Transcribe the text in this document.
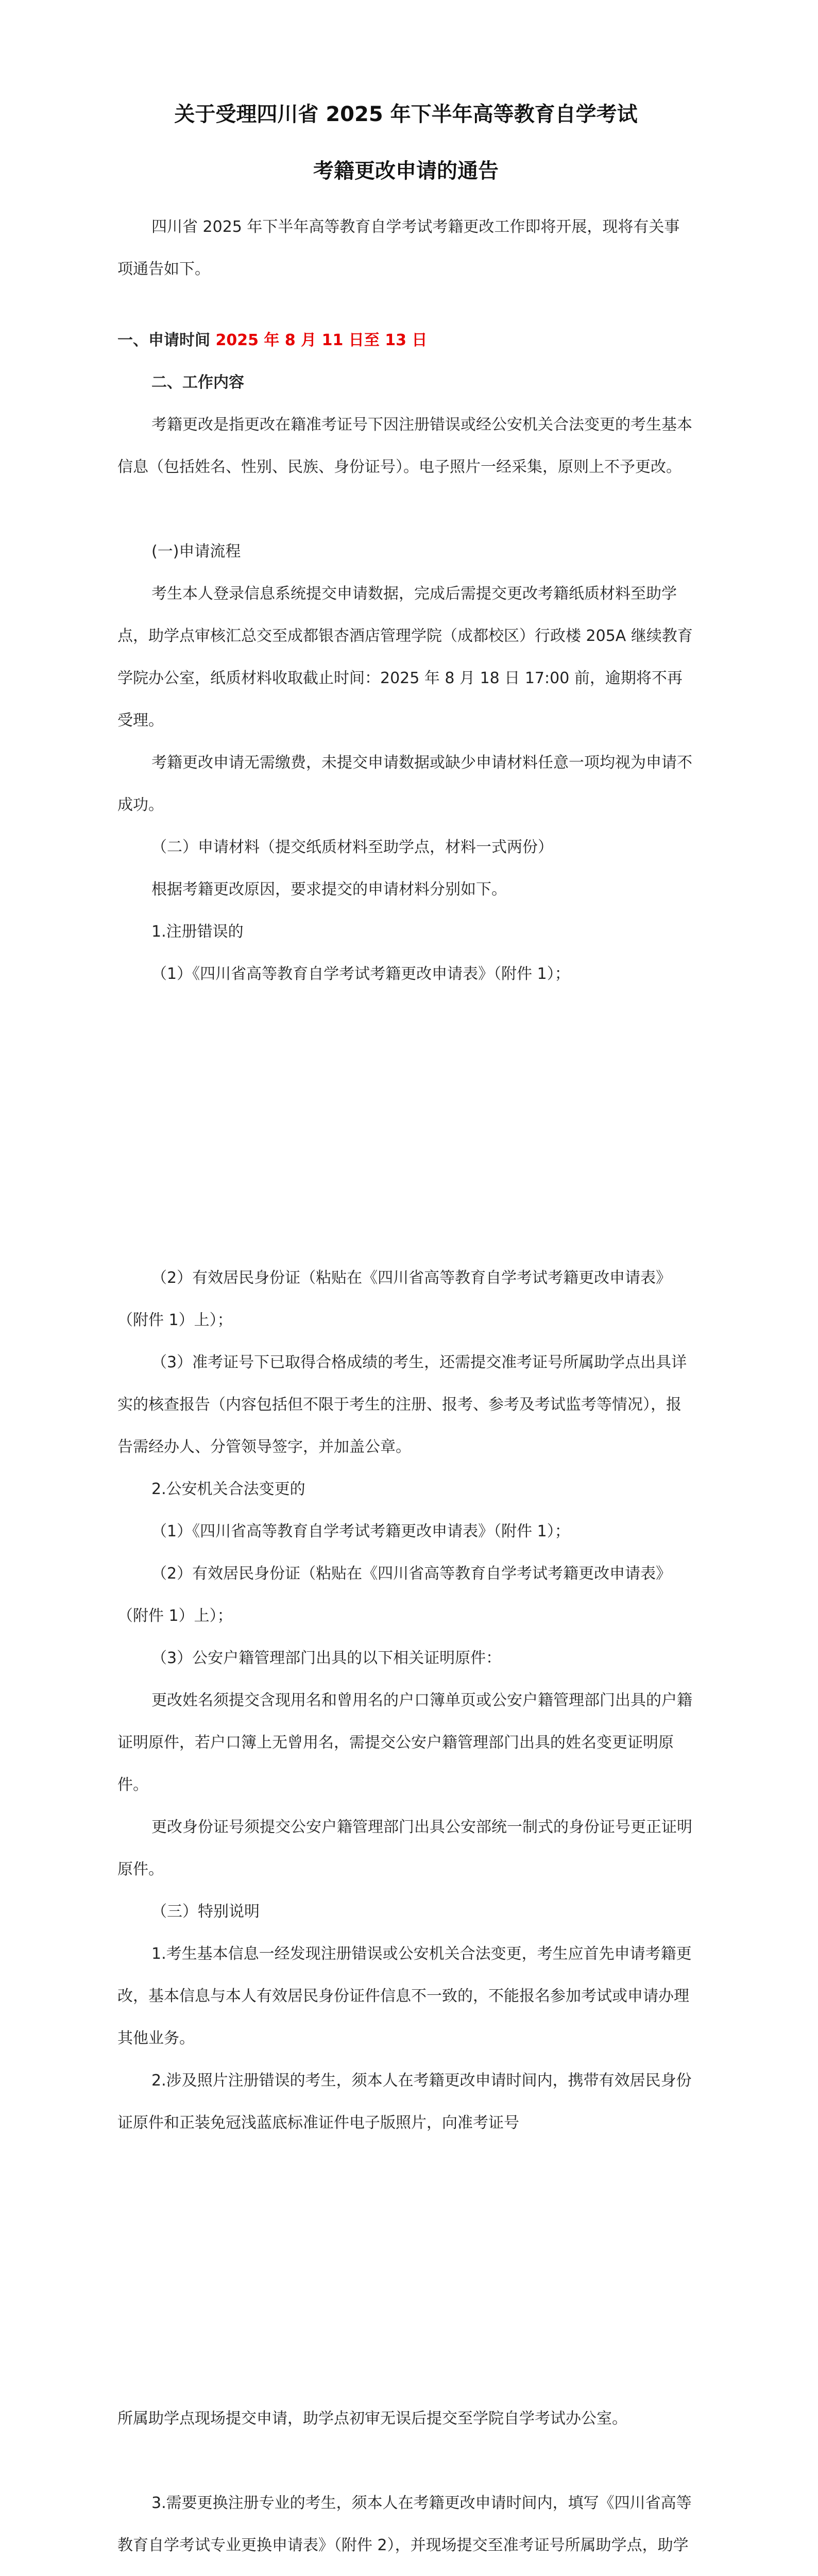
关于受理四川省 2025 年下半年高等教育自学考试
考籍更改申请的通告

四川省 2025 年下半年高等教育自学考试考籍更改工作即将开展，现将有关事项通告如下。

一、申请时间 2025 年 8 月 11 日至 13 日

二、工作内容

考籍更改是指更改在籍准考证号下因注册错误或经公安机关合法变更的考生基本信息（包括姓名、性别、民族、身份证号）。电子照片一经采集，原则上不予更改。

(一)申请流程

考生本人登录信息系统提交申请数据，完成后需提交更改考籍纸质材料至助学点，助学点审核汇总交至成都银杏酒店管理学院（成都校区）行政楼 205A 继续教育学院办公室，纸质材料收取截止时间：2025 年 8 月 18 日 17:00 前，逾期将不再受理。

考籍更改申请无需缴费，未提交申请数据或缺少申请材料任意一项均视为申请不成功。

（二）申请材料（提交纸质材料至助学点，材料一式两份）

根据考籍更改原因，要求提交的申请材料分别如下。

1.注册错误的

（1）《四川省高等教育自学考试考籍更改申请表》（附件 1）；

（2）有效居民身份证（粘贴在《四川省高等教育自学考试考籍更改申请表》（附件 1）上）；

（3）准考证号下已取得合格成绩的考生，还需提交准考证号所属助学点出具详实的核查报告（内容包括但不限于考生的注册、报考、参考及考试监考等情况），报告需经办人、分管领导签字，并加盖公章。

2.公安机关合法变更的

（1）《四川省高等教育自学考试考籍更改申请表》（附件 1）；

（2）有效居民身份证（粘贴在《四川省高等教育自学考试考籍更改申请表》（附件 1）上）；

（3）公安户籍管理部门出具的以下相关证明原件：

更改姓名须提交含现用名和曾用名的户口簿单页或公安户籍管理部门出具的户籍证明原件，若户口簿上无曾用名，需提交公安户籍管理部门出具的姓名变更证明原件。

更改身份证号须提交公安户籍管理部门出具公安部统一制式的身份证号更正证明原件。

（三）特别说明

1.考生基本信息一经发现注册错误或公安机关合法变更，考生应首先申请考籍更改，基本信息与本人有效居民身份证件信息不一致的，不能报名参加考试或申请办理其他业务。

2.涉及照片注册错误的考生，须本人在考籍更改申请时间内，携带有效居民身份证原件和正装免冠浅蓝底标准证件电子版照片，向准考证号

所属助学点现场提交申请，助学点初审无误后提交至学院自学考试办公室。

3.需要更换注册专业的考生，须本人在考籍更改申请时间内，填写《四川省高等教育自学考试专业更换申请表》（附件 2），并现场提交至准考证号所属助学点，助学
